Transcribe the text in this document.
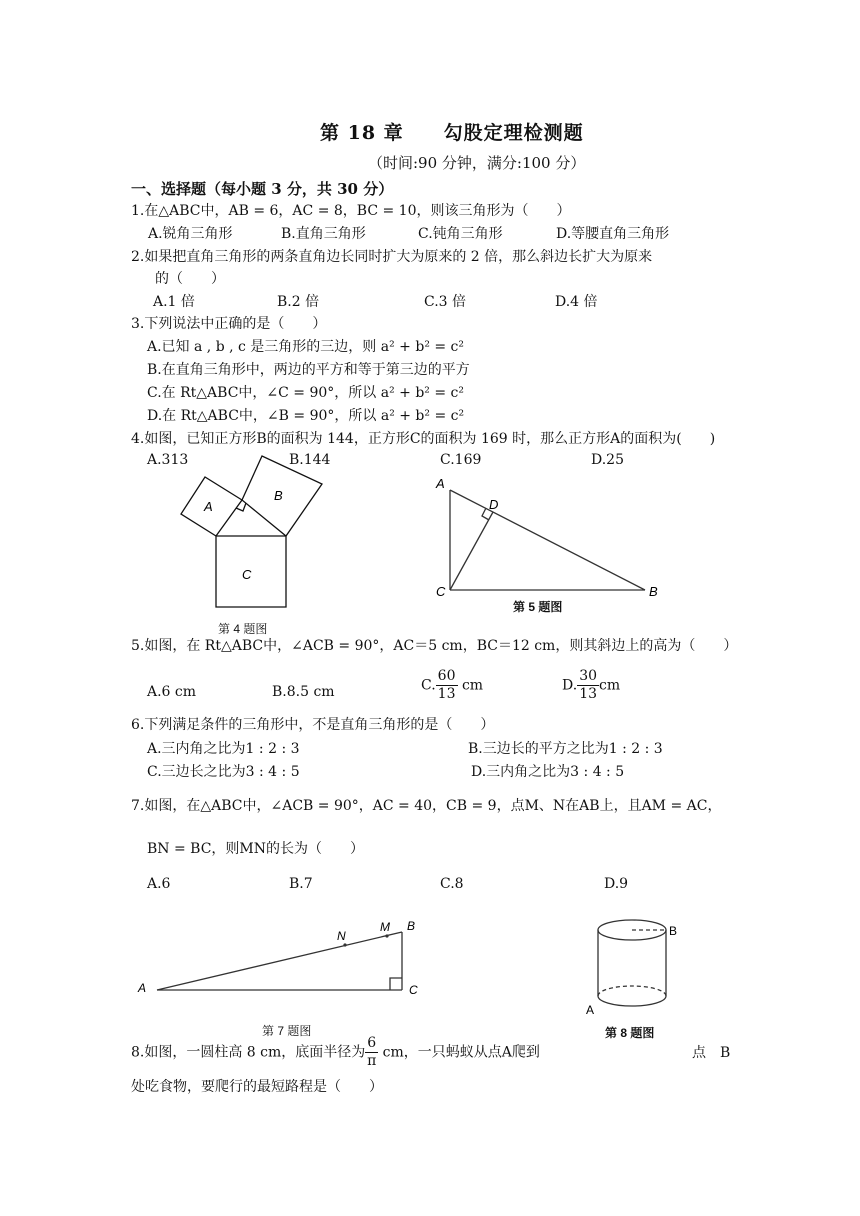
第 18 章　　勾股定理检测题
（时间:90 分钟，满分:100 分）
一、选择题（每小题 3 分，共 30 分）
1.在△ABC中，AB = 6，AC = 8，BC = 10，则该三角形为（　　）
A.锐角三角形	B.直角三角形	C.钝角三角形	D.等腰直角三角形
2.如果把直角三角形的两条直角边长同时扩大为原来的 2 倍，那么斜边长扩大为原来
的（　　）
A.1 倍	B.2 倍	C.3 倍	D.4 倍
3.下列说法中正确的是（　　）
A.已知 a , b , c 是三角形的三边，则 a² + b² = c²
B.在直角三角形中，两边的平方和等于第三边的平方
C.在 Rt△ABC中，∠C = 90°，所以 a² + b² = c²
D.在 Rt△ABC中，∠B = 90°，所以 a² + b² = c²
4.如图，已知正方形B的面积为 144，正方形C的面积为 169 时，那么正方形A的面积为(　　)
A.313	B.144	C.169	D.25
A
B
C
第 4 题图
A
D
C	B
第 5 题图
5.如图，在 Rt△ABC中，∠ACB = 90°，AC＝5 cm，BC＝12 cm，则其斜边上的高为（　　）
A.6 cm	B.8.5 cm	C. $\frac{60}{13}$ cm	D. $\frac{30}{13}$ cm
6.下列满足条件的三角形中，不是直角三角形的是（　　）
A.三内角之比为1 : 2 : 3	B.三边长的平方之比为1 : 2 : 3
C.三边长之比为3 : 4 : 5	D.三内角之比为3 : 4 : 5
7.如图，在△ABC中，∠ACB = 90°，AC = 40，CB = 9，点M、N在AB上，且AM = AC，
BN = BC，则MN的长为（　　）
A.6	B.7	C.8	D.9
A
B
C
N
M
第 7 题图
B
A
第 8 题图
8.如图，一圆柱高 8 cm，底面半径为 $\frac{6}{\pi}$ cm，一只蚂蚁从点A爬到	点　B
处吃食物，要爬行的最短路程是（　　）
